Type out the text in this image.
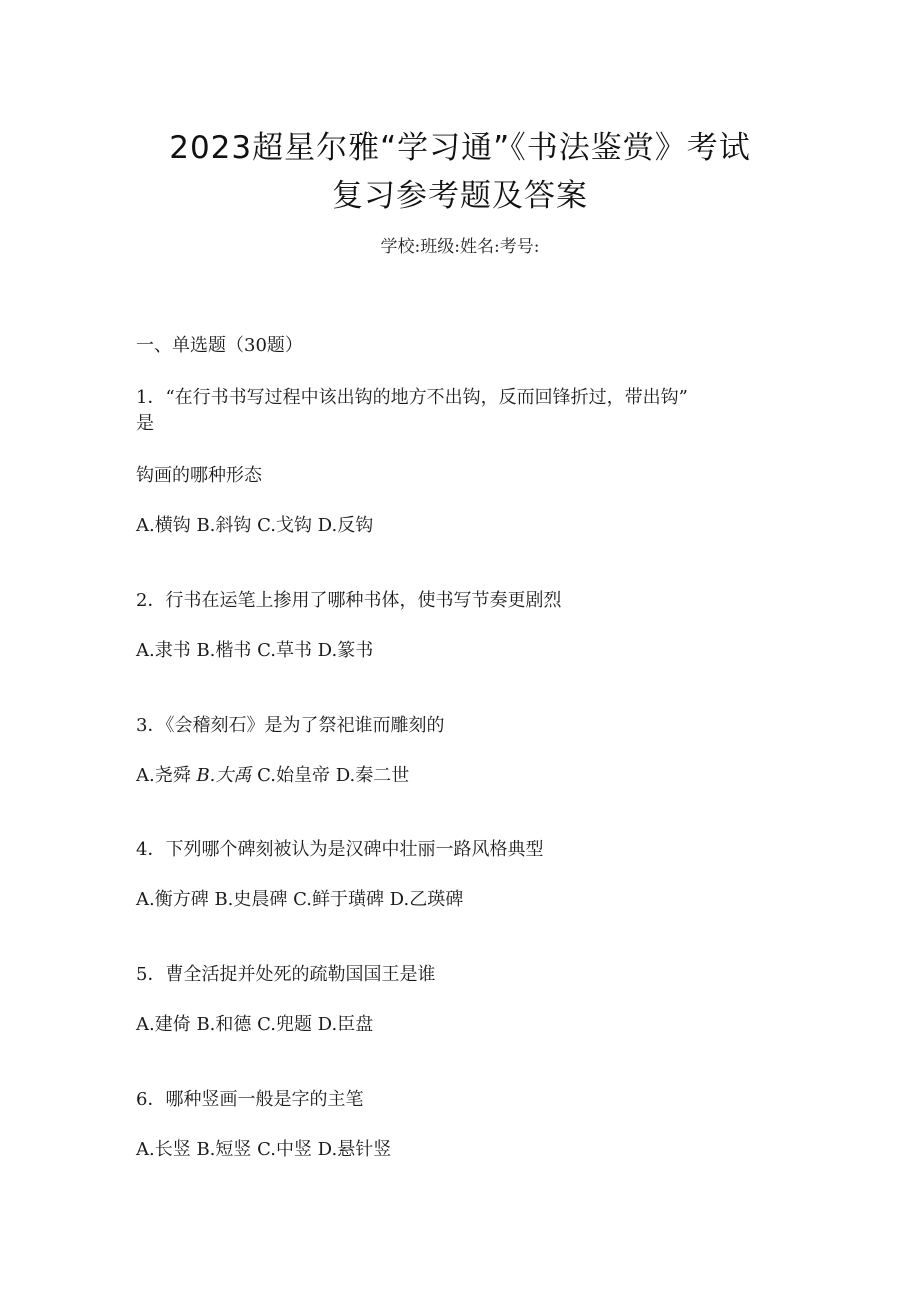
2023超星尔雅“学习通”《书法鉴赏》考试
复习参考题及答案
学校:班级:姓名:考号:
一、单选题（30题）
1．“在行书书写过程中该出钩的地方不出钩，反而回锋折过，带出钩”
是
钩画的哪种形态
A.横钩 B.斜钩 C.戈钩 D.反钩
2．行书在运笔上掺用了哪种书体，使书写节奏更剧烈
A.隶书 B.楷书 C.草书 D.篆书
3．《会稽刻石》是为了祭祀谁而雕刻的
A.尧舜 B.大禹 C.始皇帝 D.秦二世
4．下列哪个碑刻被认为是汉碑中壮丽一路风格典型
A.衡方碑 B.史晨碑 C.鲜于璜碑 D.乙瑛碑
5．曹全活捉并处死的疏勒国国王是谁
A.建倚 B.和德 C.兜题 D.臣盘
6．哪种竖画一般是字的主笔
A.长竖 B.短竖 C.中竖 D.悬针竖
